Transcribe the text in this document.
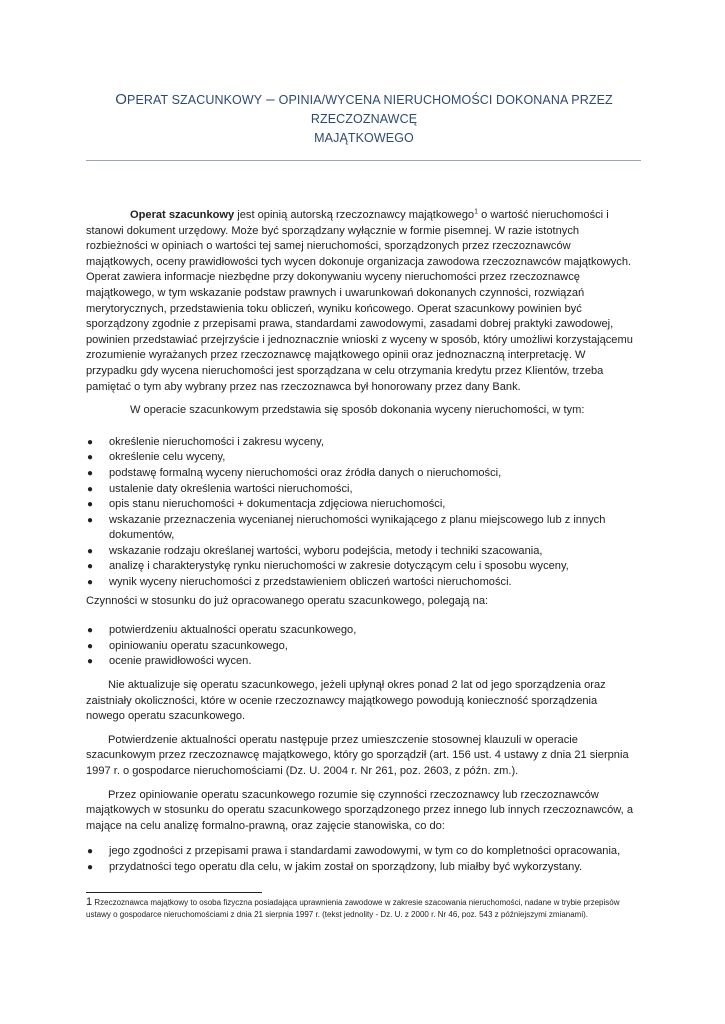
OPERAT SZACUNKOWY – OPINIA/WYCENA NIERUCHOMOŚCI DOKONANA PRZEZ RZECZOZNAWCĘ
MAJĄTKOWEGO

Operat szacunkowy jest opinią autorską rzeczoznawcy majątkowego$^1$ o wartość nieruchomości i stanowi dokument urzędowy. Może być sporządzany wyłącznie w formie pisemnej. W razie istotnych rozbieżności w opiniach o wartości tej samej nieruchomości, sporządzonych przez rzeczoznawców majątkowych, oceny prawidłowości tych wycen dokonuje organizacja zawodowa rzeczoznawców majątkowych. Operat zawiera informacje niezbędne przy dokonywaniu wyceny nieruchomości przez rzeczoznawcę majątkowego, w tym wskazanie podstaw prawnych i uwarunkowań dokonanych czynności, rozwiązań merytorycznych, przedstawienia toku obliczeń, wyniku końcowego. Operat szacunkowy powinien być sporządzony zgodnie z przepisami prawa, standardami zawodowymi, zasadami dobrej praktyki zawodowej, powinien przedstawiać przejrzyście i jednoznacznie wnioski z wyceny w sposób, który umożliwi korzystającemu zrozumienie wyrażanych przez rzeczoznawcę majątkowego opinii oraz jednoznaczną interpretację. W przypadku gdy wycena nieruchomości jest sporządzana w celu otrzymania kredytu przez Klientów, trzeba pamiętać o tym aby wybrany przez nas rzeczoznawca był honorowany przez dany Bank.

W operacie szacunkowym przedstawia się sposób dokonania wyceny nieruchomości, w tym:

● określenie nieruchomości i zakresu wyceny,
● określenie celu wyceny,
● podstawę formalną wyceny nieruchomości oraz źródła danych o nieruchomości,
● ustalenie daty określenia wartości nieruchomości,
● opis stanu nieruchomości + dokumentacja zdjęciowa nieruchomości,
● wskazanie przeznaczenia wycenianej nieruchomości wynikającego z planu miejscowego lub z innych dokumentów,
● wskazanie rodzaju określanej wartości, wyboru podejścia, metody i techniki szacowania,
● analizę i charakterystykę rynku nieruchomości w zakresie dotyczącym celu i sposobu wyceny,
● wynik wyceny nieruchomości z przedstawieniem obliczeń wartości nieruchomości.

Czynności w stosunku do już opracowanego operatu szacunkowego, polegają na:

● potwierdzeniu aktualności operatu szacunkowego,
● opiniowaniu operatu szacunkowego,
● ocenie prawidłowości wycen.

Nie aktualizuje się operatu szacunkowego, jeżeli upłynął okres ponad 2 lat od jego sporządzenia oraz zaistniały okoliczności, które w ocenie rzeczoznawcy majątkowego powodują konieczność sporządzenia nowego operatu szacunkowego.

Potwierdzenie aktualności operatu następuje przez umieszczenie stosownej klauzuli w operacie szacunkowym przez rzeczoznawcę majątkowego, który go sporządził (art. 156 ust. 4 ustawy z dnia 21 sierpnia 1997 r. o gospodarce nieruchomościami (Dz. U. 2004 r. Nr 261, poz. 2603, z późn. zm.).

Przez opiniowanie operatu szacunkowego rozumie się czynności rzeczoznawcy lub rzeczoznawców majątkowych w stosunku do operatu szacunkowego sporządzonego przez innego lub innych rzeczoznawców, a mające na celu analizę formalno-prawną, oraz zajęcie stanowiska, co do:

● jego zgodności z przepisami prawa i standardami zawodowymi, w tym co do kompletności opracowania,
● przydatności tego operatu dla celu, w jakim został on sporządzony, lub miałby być wykorzystany.
1 Rzeczoznawca majątkowy to osoba fizyczna posiadająca uprawnienia zawodowe w zakresie szacowania nieruchomości, nadane w trybie przepisów ustawy o gospodarce nieruchomościami z dnia 21 sierpnia 1997 r. (tekst jednolity - Dz. U. z 2000 r. Nr 46, poz. 543 z późniejszymi zmianami).
